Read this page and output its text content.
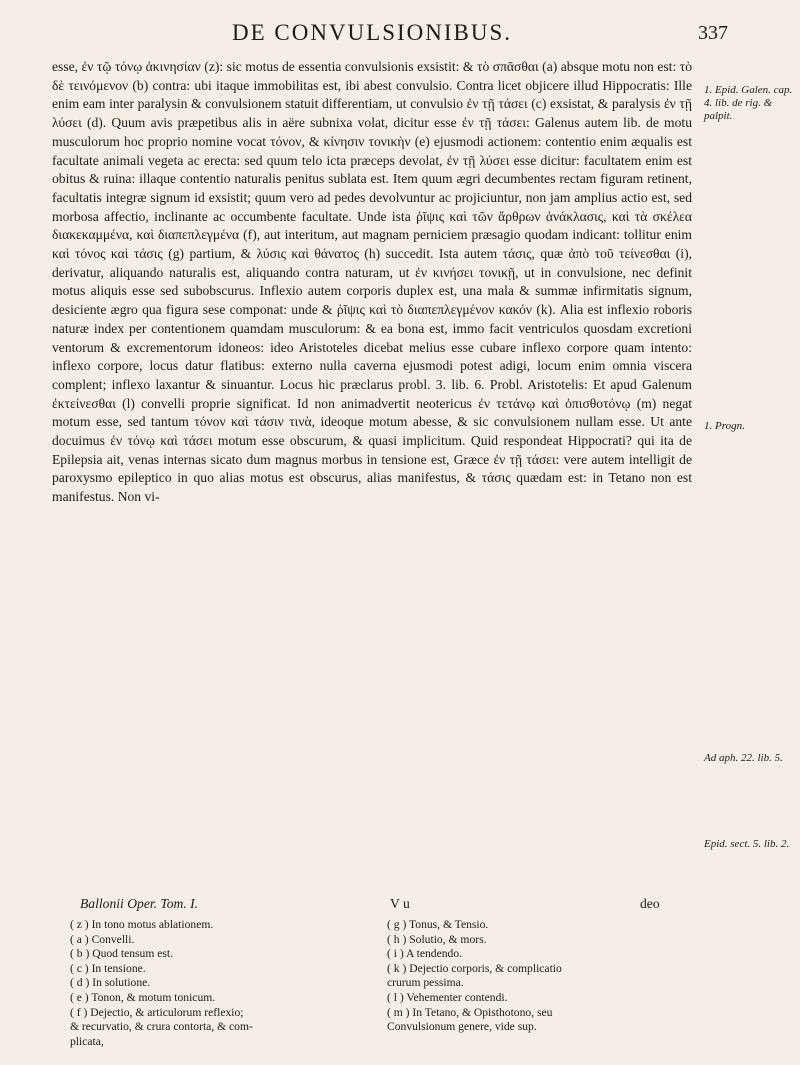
DE CONVULSIONIBUS.	337

esse, ἐν τῷ τόνῳ ἀκινησίαν (z): sic motus de essentia convulsionis exsistit: & τὸ σπᾶσθαι (a) absque motu non est: τὸ δὲ τεινόμενον (b) contra: ubi itaque immobilitas est, ibi abest convulsio. Contra licet objicere illud Hippocratis: Ille enim eam inter paralysin & convulsionem statuit differentiam, ut convulsio ἐν τῇ τάσει (c) exsistat, & paralysis ἐν τῇ λύσει (d). Quum avis præpetibus alis in aëre subnixa volat, dicitur esse ἐν τῇ τάσει: Galenus autem lib. de motu musculorum hoc proprio nomine vocat τόνον, & κίνησιν τονικὴν (e) ejusmodi actionem: contentio enim æqualis est facultate animali vegeta ac erecta: sed quum telo icta præceps devolat, ἐν τῇ λύσει esse dicitur: facultatem enim est obitus & ruina: illaque contentio naturalis penitus sublata est. Item quum ægri decumbentes rectam figuram retinent, facultatis integræ signum id exsistit; quum vero ad pedes devolvuntur ac projiciuntur, non jam amplius actio est, sed morbosa affectio, inclinante ac occumbente facultate. Unde ista ῥῖψις καὶ τῶν ἄρθρων ἀνάκλασις, καὶ τὰ σκέλεα διακεκαμμένα, καὶ διαπεπλεγμένα (f), aut interitum, aut magnam perniciem præsagio quodam indicant: tollitur enim καὶ τόνος καὶ τάσις (g) partium, & λύσις καὶ θάνατος (h) succedit. Ista autem τάσις, quæ ἀπὸ τοῦ τείνεσθαι (i), derivatur, aliquando naturalis est, aliquando contra naturam, ut ἐν κινήσει τονικῇ, ut in convulsione, nec definit motus aliquis esse sed subobscurus. Inflexio autem corporis duplex est, una mala & summæ infirmitatis signum, desiciente ægro qua figura sese componat: unde & ῥῖψις καὶ τὸ διαπεπλεγμένον κακόν (k). Alia est inflexio roboris naturæ index per contentionem quamdam musculorum: & ea bona est, immo facit ventriculos quosdam excretioni ventorum & excrementorum idoneos: ideo Aristoteles dicebat melius esse cubare inflexo corpore quam intento: inflexo corpore, locus datur flatibus: externo nulla caverna ejusmodi potest adigi, locum enim omnia viscera complent; inflexo laxantur & sinuantur. Locus hic præclarus probl. 3. lib. 6. Probl. Aristotelis: Et apud Galenum ἐκτείνεσθαι (l) convelli proprie significat. Id non animadvertit neotericus ἐν τετάνῳ καὶ ὀπισθοτόνῳ (m) negat motum esse, sed tantum τόνον καὶ τάσιν τινὰ, ideoque motum abesse, & sic convulsionem nullam esse. Ut ante docuimus ἐν τόνῳ καὶ τάσει motum esse obscurum, & quasi implicitum. Quid respondeat Hippocrati? qui ita de Epilepsia ait, venas internas sicato dum magnus morbus in tensione est, Græce ἐν τῇ τάσει: vere autem intelligit de paroxysmo epileptico in quo alias motus est obscurus, alias manifestus, & τάσις quædam est: in Tetano non est manifestus. Non vi-

1. Epid. Galen. cap. 4. lib. de rig. & palpit.
1. Progn.
Ad aph. 22. lib. 5.
Epid. sect. 5. lib. 2.
Ballonii Oper. Tom. I.	V u	deo
( z ) In tono motus ablationem.
( a ) Convelli.
( b ) Quod tensum est.
( c ) In tensione.
( d ) In solutione.
( e ) Tonon, & motum tonicum.
( f ) Dejectio, & articulorum reflexio;
& recurvatio, & crura contorta, & com-
plicata,
( g ) Tonus, & Tensio.
( h ) Solutio, & mors.
( i ) A tendendo.
( k ) Dejectio corporis, & complicatio
crurum pessima.
( l ) Vehementer contendi.
( m ) In Tetano, & Opisthotono, seu
Convulsionum genere, vide sup.
